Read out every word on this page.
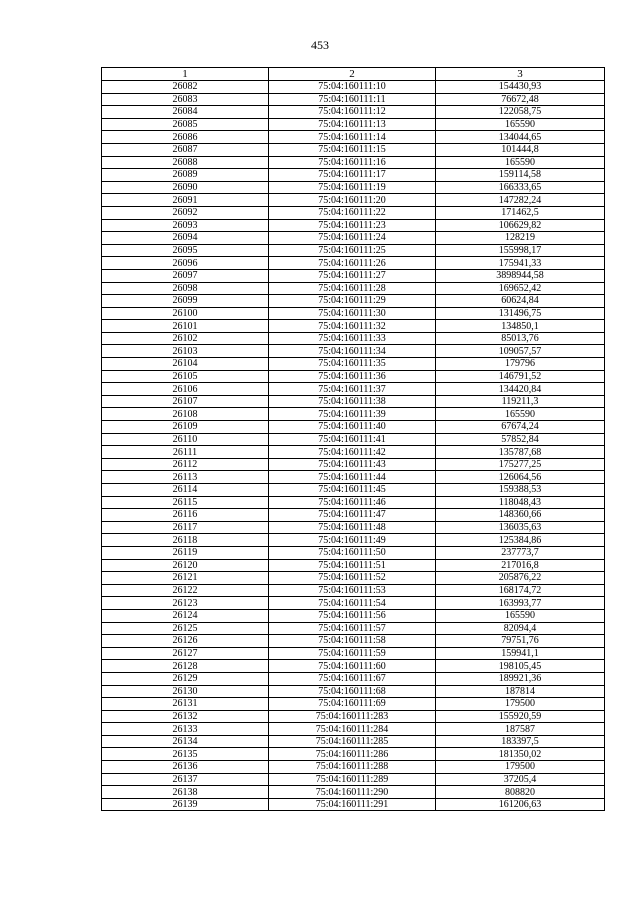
453
1	2	3
26082	75:04:160111:10	154430,93
26083	75:04:160111:11	76672,48
26084	75:04:160111:12	122058,75
26085	75:04:160111:13	165590
26086	75:04:160111:14	134044,65
26087	75:04:160111:15	101444,8
26088	75:04:160111:16	165590
26089	75:04:160111:17	159114,58
26090	75:04:160111:19	166333,65
26091	75:04:160111:20	147282,24
26092	75:04:160111:22	171462,5
26093	75:04:160111:23	106629,82
26094	75:04:160111:24	128219
26095	75:04:160111:25	155998,17
26096	75:04:160111:26	175941,33
26097	75:04:160111:27	3898944,58
26098	75:04:160111:28	169652,42
26099	75:04:160111:29	60624,84
26100	75:04:160111:30	131496,75
26101	75:04:160111:32	134850,1
26102	75:04:160111:33	85013,76
26103	75:04:160111:34	109057,57
26104	75:04:160111:35	179796
26105	75:04:160111:36	146791,52
26106	75:04:160111:37	134420,84
26107	75:04:160111:38	119211,3
26108	75:04:160111:39	165590
26109	75:04:160111:40	67674,24
26110	75:04:160111:41	57852,84
26111	75:04:160111:42	135787,68
26112	75:04:160111:43	175277,25
26113	75:04:160111:44	126064,56
26114	75:04:160111:45	159388,53
26115	75:04:160111:46	118048,43
26116	75:04:160111:47	148360,66
26117	75:04:160111:48	136035,63
26118	75:04:160111:49	125384,86
26119	75:04:160111:50	237773,7
26120	75:04:160111:51	217016,8
26121	75:04:160111:52	205876,22
26122	75:04:160111:53	168174,72
26123	75:04:160111:54	163993,77
26124	75:04:160111:56	165590
26125	75:04:160111:57	82094,4
26126	75:04:160111:58	79751,76
26127	75:04:160111:59	159941,1
26128	75:04:160111:60	198105,45
26129	75:04:160111:67	189921,36
26130	75:04:160111:68	187814
26131	75:04:160111:69	179500
26132	75:04:160111:283	155920,59
26133	75:04:160111:284	187587
26134	75:04:160111:285	183397,5
26135	75:04:160111:286	181350,02
26136	75:04:160111:288	179500
26137	75:04:160111:289	37205,4
26138	75:04:160111:290	808820
26139	75:04:160111:291	161206,63
